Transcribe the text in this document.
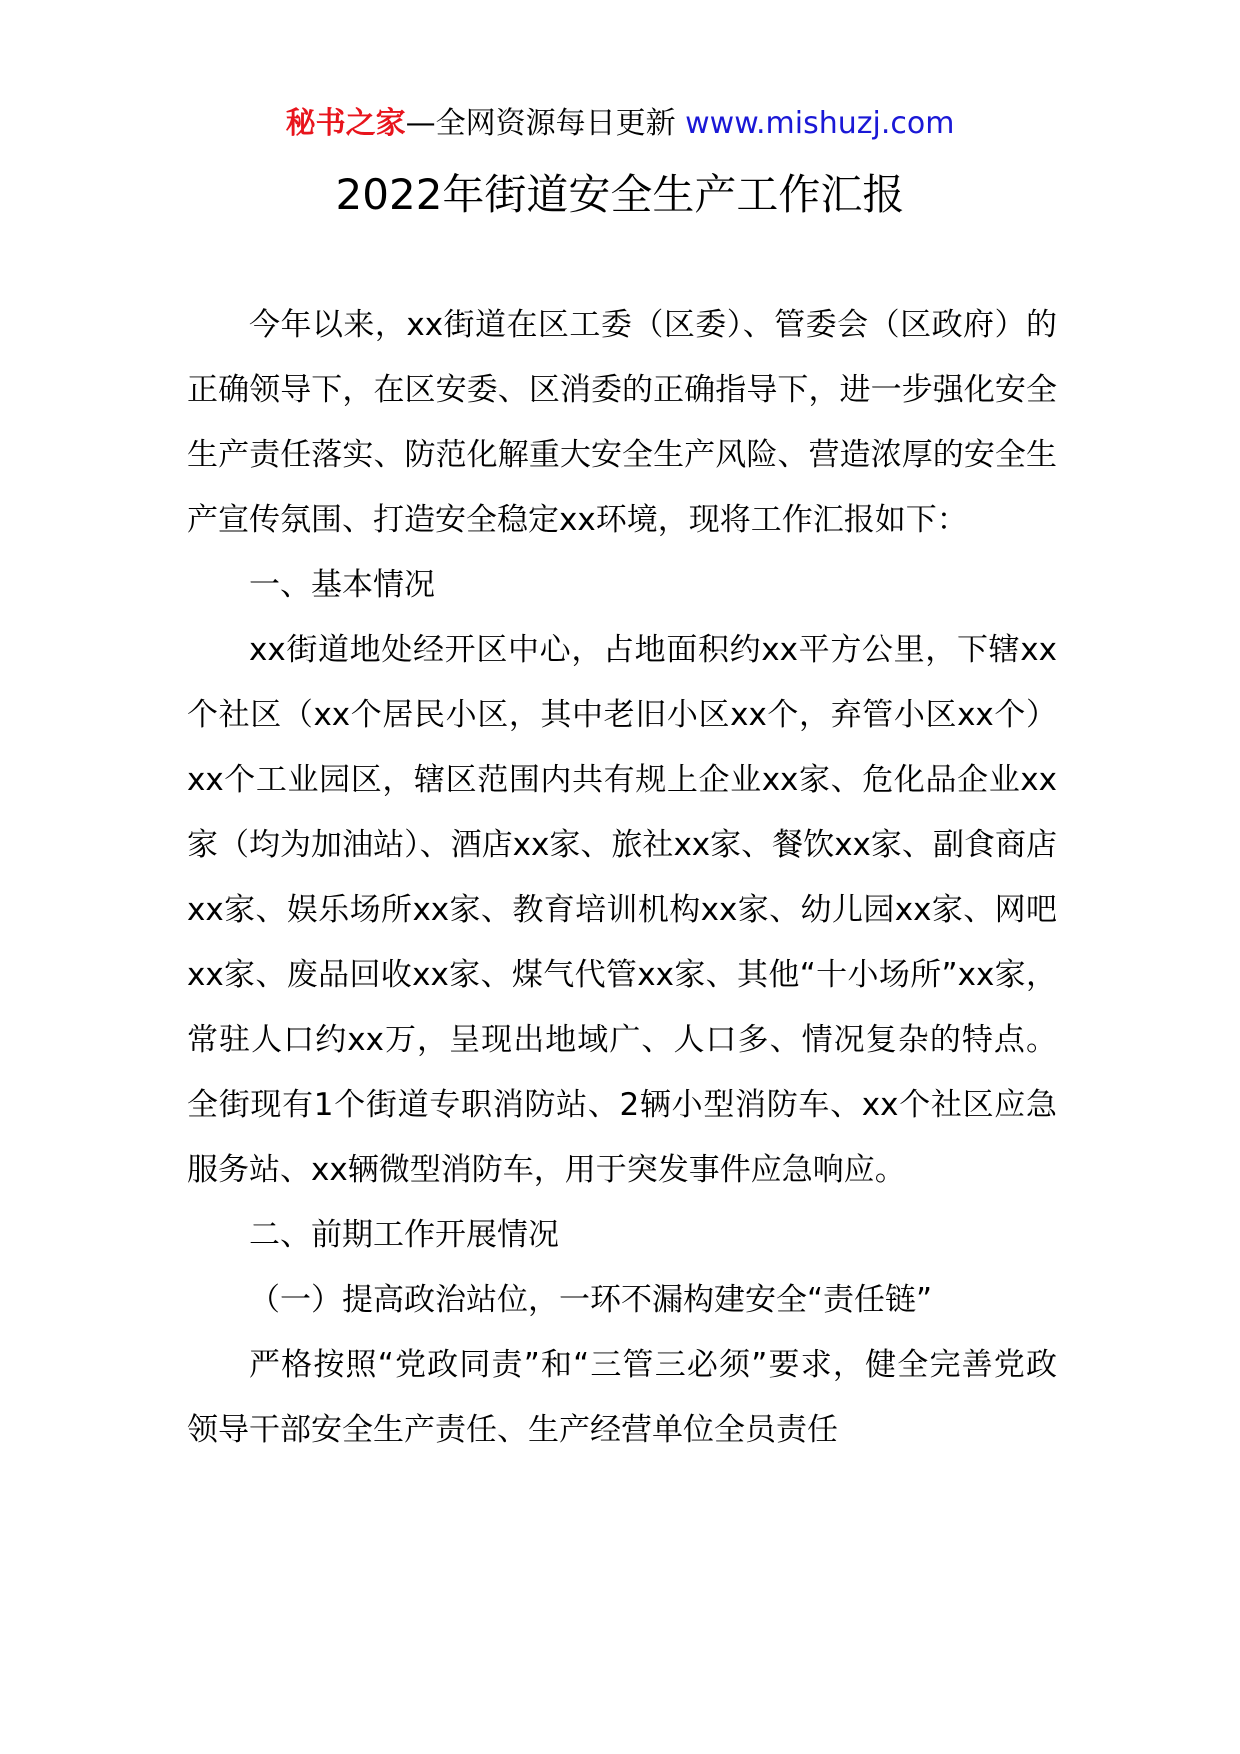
秘书之家—全网资源每日更新 www.mishuzj.com
2022年街道安全生产工作汇报

今年以来，xx街道在区工委（区委）、管委会（区政府）的正确领导下，在区安委、区消委的正确指导下，进一步强化安全生产责任落实、防范化解重大安全生产风险、营造浓厚的安全生产宣传氛围、打造安全稳定xx环境，现将工作汇报如下：

一、基本情况

xx街道地处经开区中心，占地面积约xx平方公里，下辖xx个社区（xx个居民小区，其中老旧小区xx个，弃管小区xx个）xx个工业园区，辖区范围内共有规上企业xx家、危化品企业xx家（均为加油站）、酒店xx家、旅社xx家、餐饮xx家、副食商店xx家、娱乐场所xx家、教育培训机构xx家、幼儿园xx家、网吧xx家、废品回收xx家、煤气代管xx家、其他“十小场所”xx家，常驻人口约xx万，呈现出地域广、人口多、情况复杂的特点。全街现有1个街道专职消防站、2辆小型消防车、xx个社区应急服务站、xx辆微型消防车，用于突发事件应急响应。

二、前期工作开展情况

（一）提高政治站位，一环不漏构建安全“责任链”

严格按照“党政同责”和“三管三必须”要求，健全完善党政领导干部安全生产责任、生产经营单位全员责任
